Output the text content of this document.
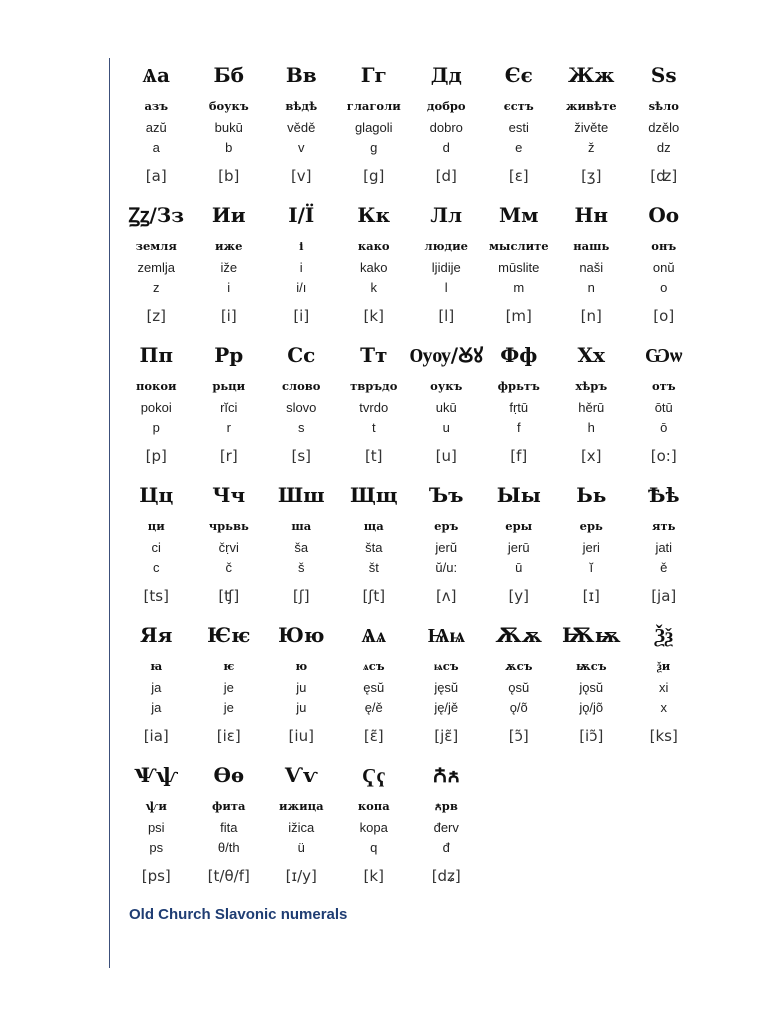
Ѧа
азъ
azŭ
a
[a]
Бб
боукъ
bukū
b
[b]
Вв
вѣдѣ
vědě
v
[v]
Гг
глаголи
glagoli
g
[g]
Дд
добро
dobro
d
[d]
Єє
єстъ
esti
e
[ɛ]
Жж
живѣте
živěte
ž
[ʒ]
Ѕѕ
ѕѣло
dzělo
dz
[ʣ]
Ꙁꙁ/Зз
земля
zemlja
z
[z]
Ии
иже
iže
i
[i]
І/Ї
і
i
i/ı
[i]
Кк
како
kako
k
[k]
Лл
людие
ljidije
l
[l]
Мм
мыслите
mūslite
m
[m]
Нн
нашь
naši
n
[n]
Оо
онъ
onŭ
o
[o]
Пп
покои
pokoi
p
[p]
Рр
рьци
rĭci
r
[r]
Сс
слово
slovo
s
[s]
Тт
твръдо
tvrdo
t
[t]
Ѹѹ/Ꙋꙋ
оукъ
ukū
u
[u]
Фф
фрьтъ
fṛtū
f
[f]
Хх
хѣръ
hěrū
h
[x]
Ѡѡ
отъ
ōtū
ō
[o:]
Цц
ци
ci
c
[ts]
Чч
чрьвь
čṛvi
č
[ʧ]
Шш
ша
ša
š
[ʃ]
Щщ
ща
šta
št
[ʃt]
Ъъ
еръ
jerŭ
ŭ/u:
[ʌ]
Ыы
еры
jerū
ū
[y]
Ьь
ерь
jeri
ĭ
[ɪ]
Ѣѣ
ять
jati
ě
[ja]
Яя
ꙗ
ja
ja
[ia]
Ѥѥ
ѥ
je
je
[iɛ]
Юю
ю
ju
ju
[iu]
Ѧѧ
ѧсъ
ęsŭ
ę/ě
[ɛ̃]
Ѩѩ
ѩсъ
jęsŭ
ję/jě
[jɛ̃]
Ѫѫ
ѫсъ
ǫsŭ
ǫ/õ
[ɔ̃]
Ѭѭ
ѭсъ
jǫsŭ
jǫ/jõ
[iɔ̃]
Ѯѯ
ѯи
xi
x
[ks]
Ѱѱ
ѱи
psi
ps
[ps]
Ѳѳ
фита
fita
θ/th
[t/θ/f]
Ѵѵ
ижица
ižica
ü
[ɪ/y]
Ҁҁ
копа
kopa
q
[k]
Ꙉꙉ
ꙉрв
đerv
đ
[dʑ]
Old Church Slavonic numerals
